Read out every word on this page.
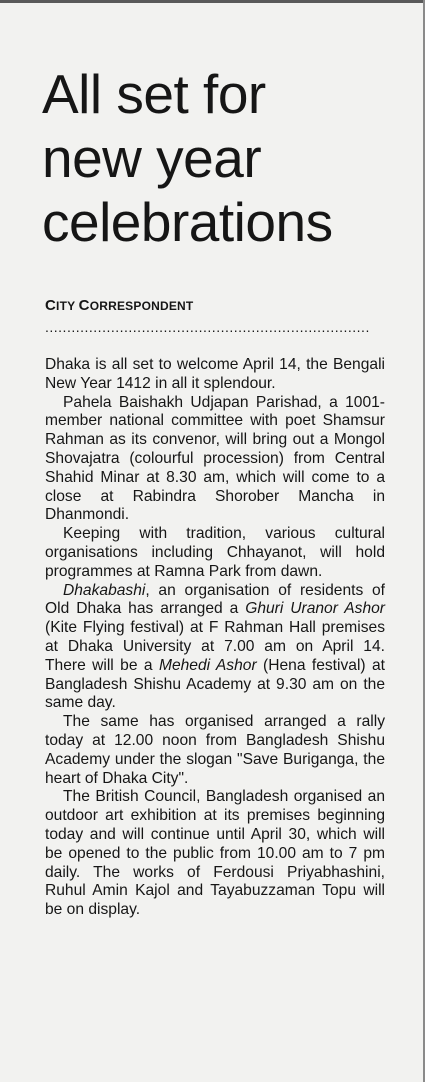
All set for
new year
celebrations
CITY CORRESPONDENT
..........................................................................

Dhaka is all set to welcome April 14, the Bengali New Year 1412 in all it splendour.

Pahela Baishakh Udjapan Parishad, a 1001-member national committee with poet Shamsur Rahman as its convenor, will bring out a Mongol Shovajatra (colourful procession) from Central Shahid Minar at 8.30 am, which will come to a close at Rabindra Shorober Mancha in Dhanmondi.

Keeping with tradition, various cultural organisations including Chhayanot, will hold programmes at Ramna Park from dawn.

Dhakabashi, an organisation of residents of Old Dhaka has arranged a Ghuri Uranor Ashor (Kite Flying festival) at F Rahman Hall premises at Dhaka University at 7.00 am on April 14. There will be a Mehedi Ashor (Hena festival) at Bangladesh Shishu Academy at 9.30 am on the same day.

The same has organised arranged a rally today at 12.00 noon from Bangladesh Shishu Academy under the slogan "Save Buriganga, the heart of Dhaka City".

The British Council, Bangladesh organised an outdoor art exhibition at its premises beginning today and will continue until April 30, which will be opened to the public from 10.00 am to 7 pm daily. The works of Ferdousi Priyabhashini, Ruhul Amin Kajol and Tayabuzzaman Topu will be on display.
